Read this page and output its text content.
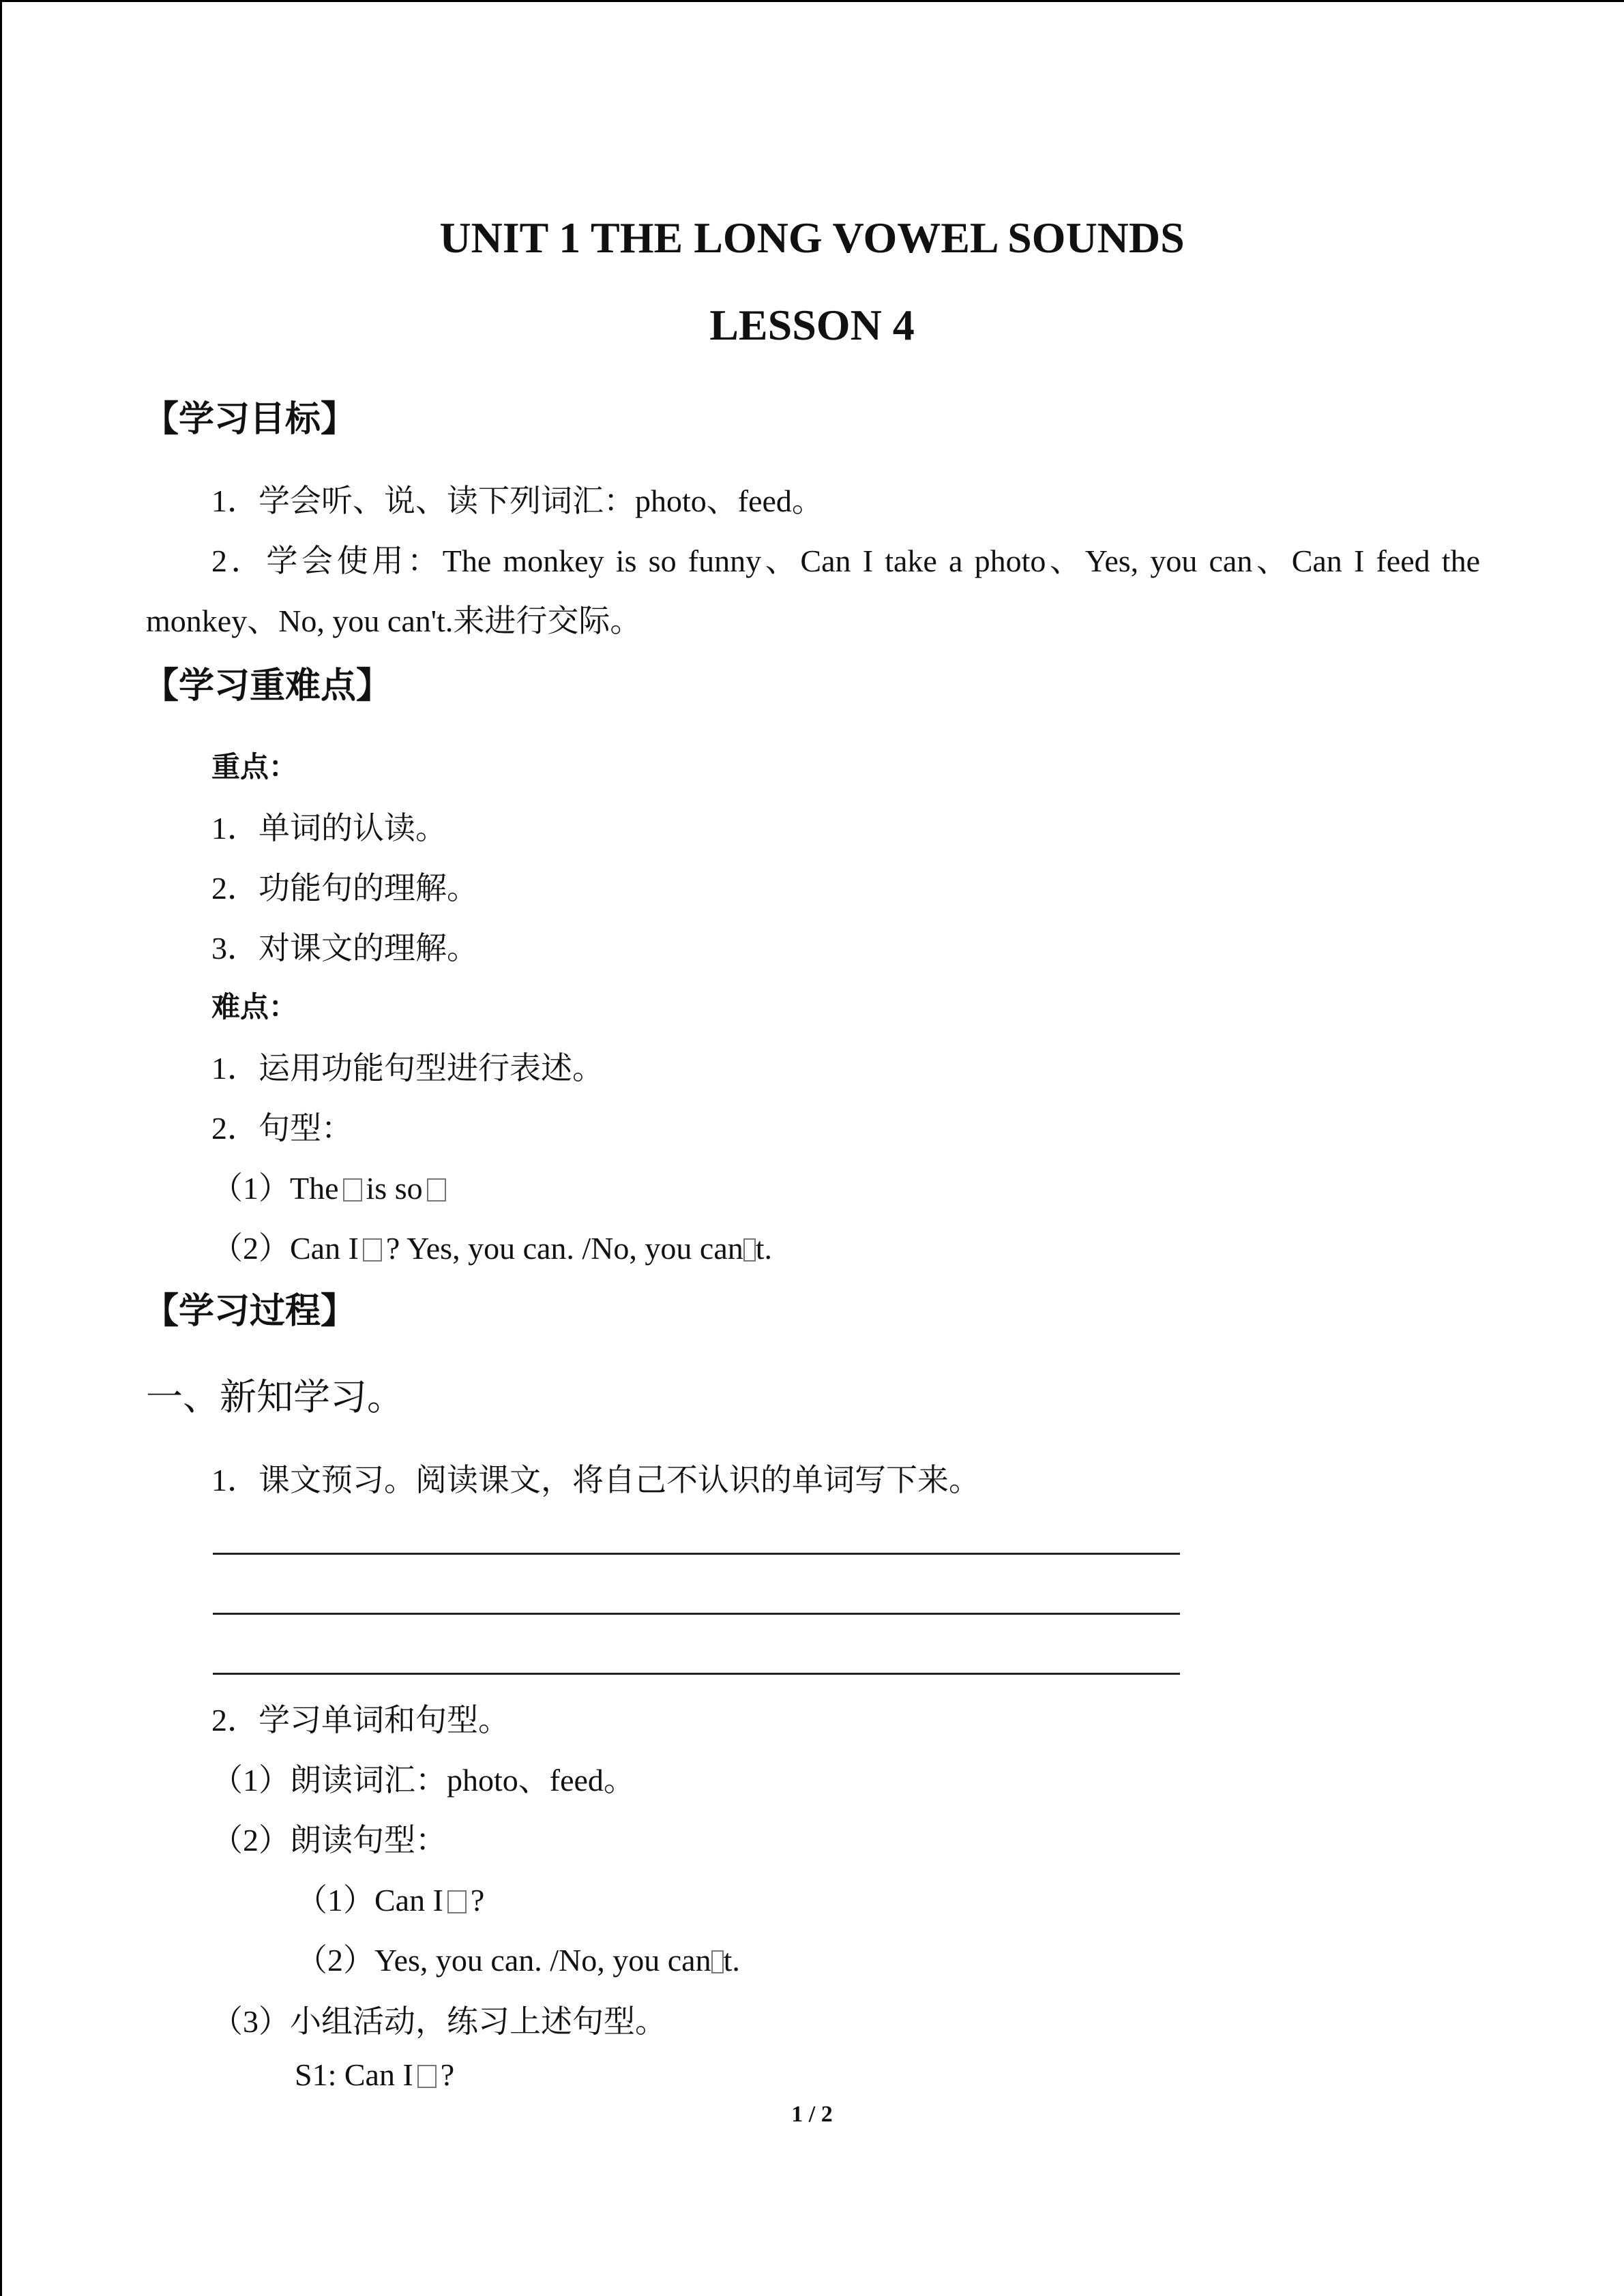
UNIT 1 THE LONG VOWEL SOUNDS
LESSON 4
【学习目标】
1．学会听、说、读下列词汇：photo、feed。
2．学会使用：The monkey is so funny、Can I take a photo、Yes, you can、Can I feed the
monkey、No, you can't.来进行交际。
【学习重难点】
重点：
1．单词的认读。
2．功能句的理解。
3．对课文的理解。
难点：
1．运用功能句型进行表述。
2．句型：
（1）The is so
（2）Can I ? Yes, you can. /No, you can t.
【学习过程】
一、新知学习。
1．课文预习。阅读课文，将自己不认识的单词写下来。
2．学习单词和句型。
（1）朗读词汇：photo、feed。
（2）朗读句型：
（1）Can I ?
（2）Yes, you can. /No, you can t.
（3）小组活动，练习上述句型。
S1: Can I ?
1 / 2
